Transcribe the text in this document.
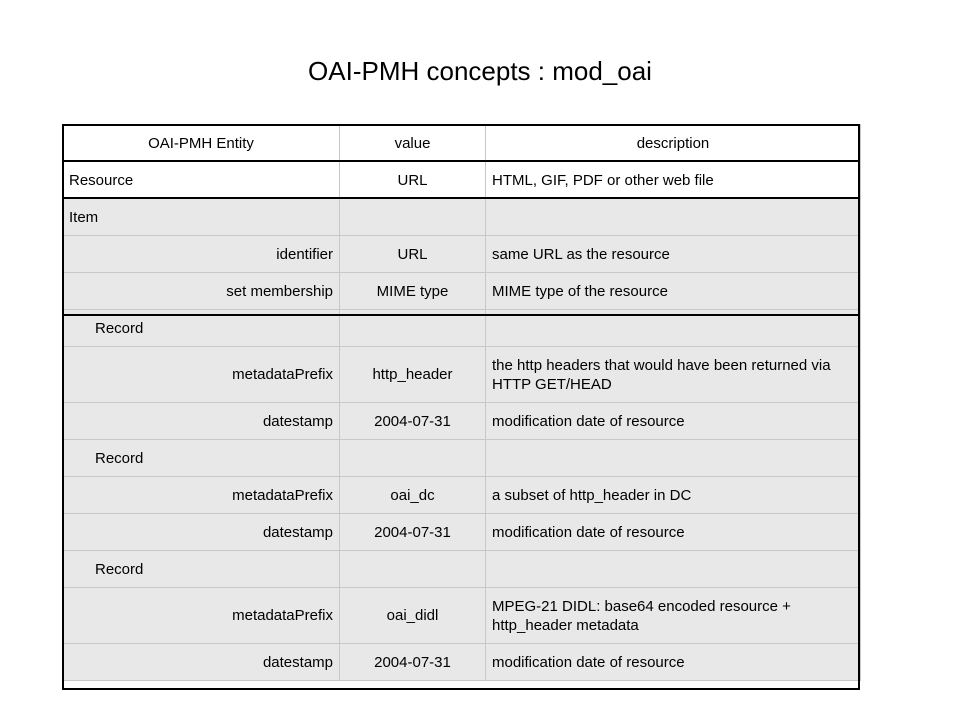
OAI-PMH concepts : mod_oai
OAI-PMH Entity	value	description
Resource	URL	HTML, GIF, PDF or other web file
Item		
identifier	URL	same URL as the resource
set membership	MIME type	MIME type of the resource
Record		
metadataPrefix	http_header	the http headers that would have been returned via HTTP GET/HEAD
datestamp	2004-07-31	modification date of resource
Record		
metadataPrefix	oai_dc	a subset of http_header in DC
datestamp	2004-07-31	modification date of resource
Record		
metadataPrefix	oai_didl	MPEG-21 DIDL: base64 encoded resource + http_header metadata
datestamp	2004-07-31	modification date of resource
